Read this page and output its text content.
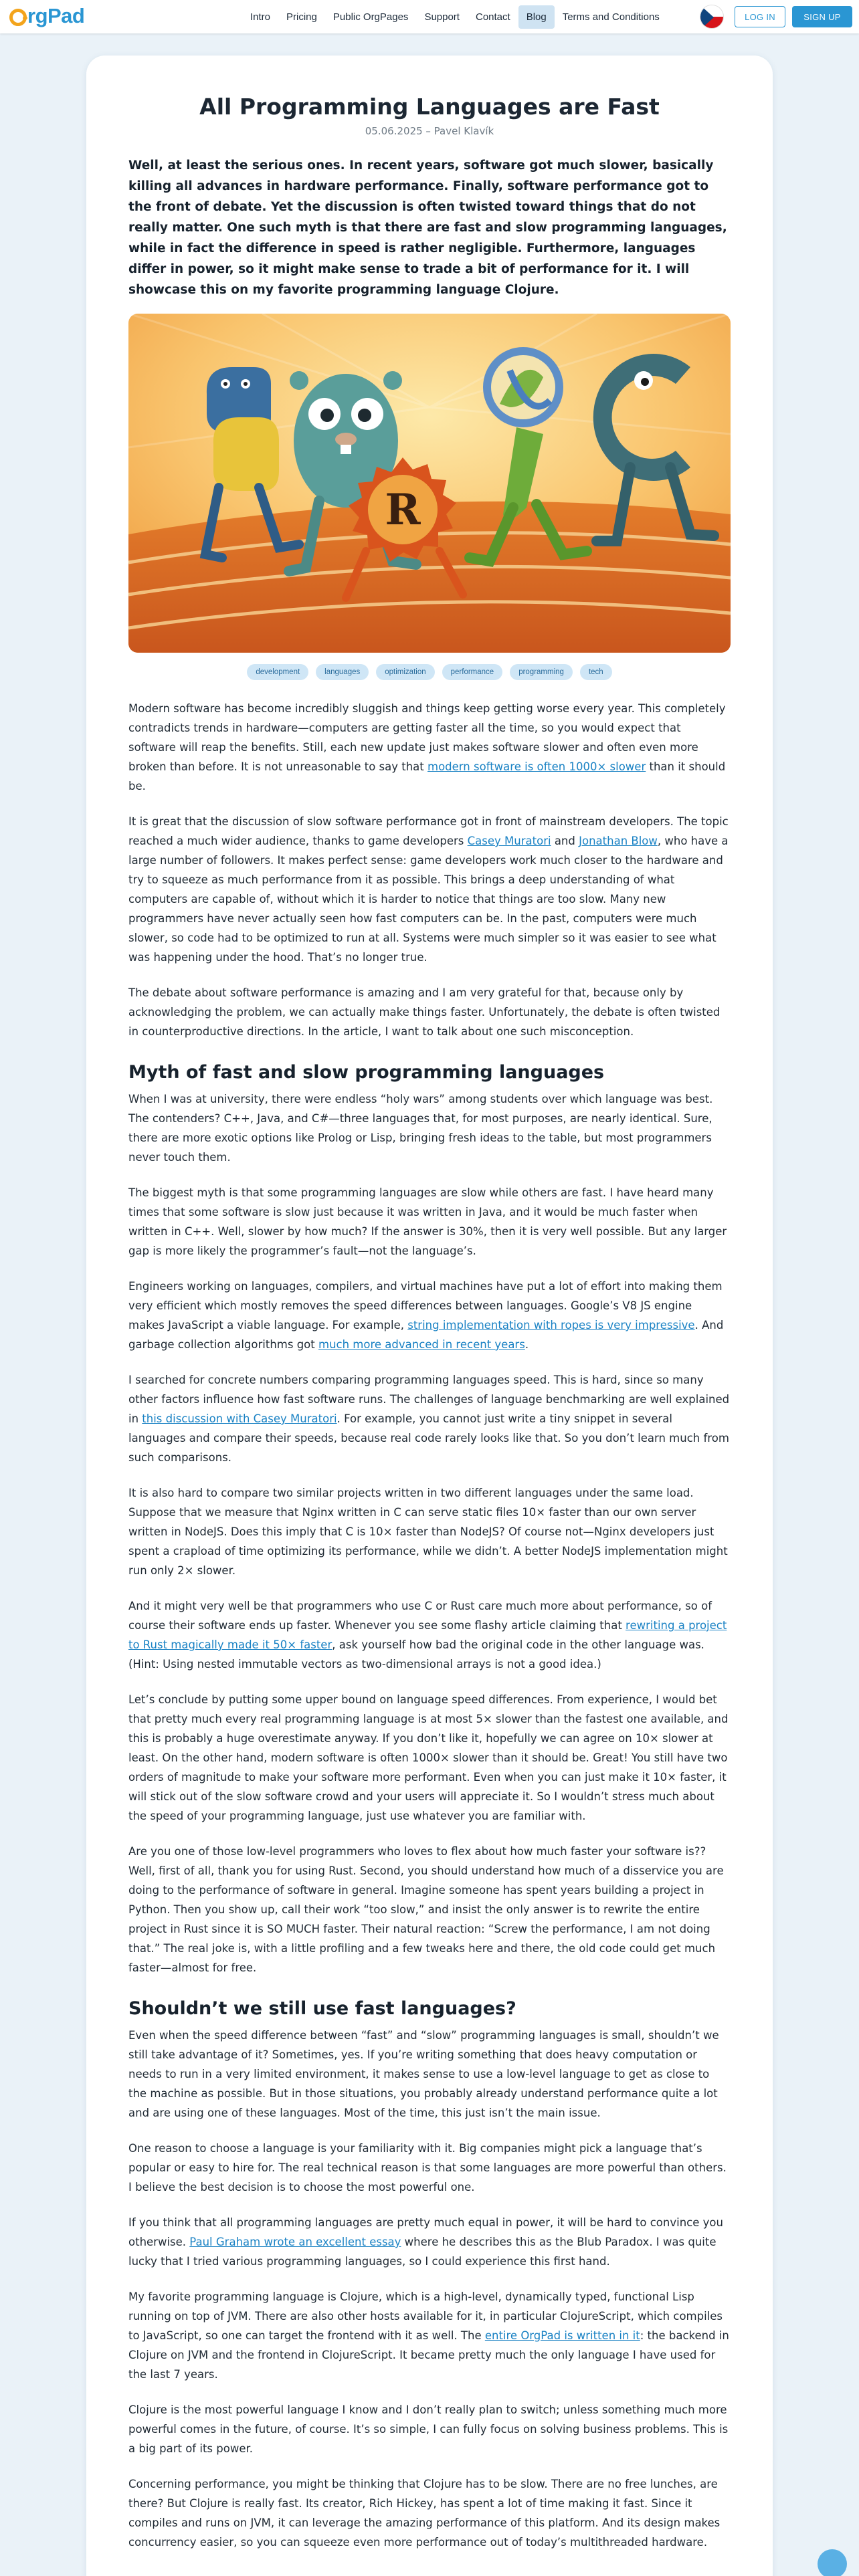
rgPad	Intro	Pricing	Public OrgPages	Support	Contact	Blog	Terms and Conditions	LOG IN	SIGN UP
All Programming Languages are Fast
05.06.2025 – Pavel Klavík
Well, at least the serious ones. In recent years, software got much slower, basically killing all advances in hardware performance. Finally, software performance got to the front of debate. Yet the discussion is often twisted toward things that do not really matter. One such myth is that there are fast and slow programming languages, while in fact the difference in speed is rather negligible. Furthermore, languages differ in power, so it might make sense to trade a bit of performance for it. I will showcase this on my favorite programming language Clojure.
R
development	languages	optimization	performance	programming	tech

Modern software has become incredibly sluggish and things keep getting worse every year. This completely contradicts trends in hardware—computers are getting faster all the time, so you would expect that software will reap the benefits. Still, each new update just makes software slower and often even more broken than before. It is not unreasonable to say that modern software is often 1000× slower than it should be.

It is great that the discussion of slow software performance got in front of mainstream developers. The topic reached a much wider audience, thanks to game developers Casey Muratori and Jonathan Blow, who have a large number of followers. It makes perfect sense: game developers work much closer to the hardware and try to squeeze as much performance from it as possible. This brings a deep understanding of what computers are capable of, without which it is harder to notice that things are too slow. Many new programmers have never actually seen how fast computers can be. In the past, computers were much slower, so code had to be optimized to run at all. Systems were much simpler so it was easier to see what was happening under the hood. That’s no longer true.

The debate about software performance is amazing and I am very grateful for that, because only by acknowledging the problem, we can actually make things faster. Unfortunately, the debate is often twisted in counterproductive directions. In the article, I want to talk about one such misconception.

Myth of fast and slow programming languages

When I was at university, there were endless “holy wars” among students over which language was best. The contenders? C++, Java, and C#—three languages that, for most purposes, are nearly identical. Sure, there are more exotic options like Prolog or Lisp, bringing fresh ideas to the table, but most programmers never touch them.

The biggest myth is that some programming languages are slow while others are fast. I have heard many times that some software is slow just because it was written in Java, and it would be much faster when written in C++. Well, slower by how much? If the answer is 30%, then it is very well possible. But any larger gap is more likely the programmer’s fault—not the language’s.

Engineers working on languages, compilers, and virtual machines have put a lot of effort into making them very efficient which mostly removes the speed differences between languages. Google’s V8 JS engine makes JavaScript a viable language. For example, string implementation with ropes is very impressive. And garbage collection algorithms got much more advanced in recent years.

I searched for concrete numbers comparing programming languages speed. This is hard, since so many other factors influence how fast software runs. The challenges of language benchmarking are well explained in this discussion with Casey Muratori. For example, you cannot just write a tiny snippet in several languages and compare their speeds, because real code rarely looks like that. So you don’t learn much from such comparisons.

It is also hard to compare two similar projects written in two different languages under the same load. Suppose that we measure that Nginx written in C can serve static files 10× faster than our own server written in NodeJS. Does this imply that C is 10× faster than NodeJS? Of course not—Nginx developers just spent a crapload of time optimizing its performance, while we didn’t. A better NodeJS implementation might run only 2× slower.

And it might very well be that programmers who use C or Rust care much more about performance, so of course their software ends up faster. Whenever you see some flashy article claiming that rewriting a project to Rust magically made it 50× faster, ask yourself how bad the original code in the other language was. (Hint: Using nested immutable vectors as two-dimensional arrays is not a good idea.)

Let’s conclude by putting some upper bound on language speed differences. From experience, I would bet that pretty much every real programming language is at most 5× slower than the fastest one available, and this is probably a huge overestimate anyway. If you don’t like it, hopefully we can agree on 10× slower at least. On the other hand, modern software is often 1000× slower than it should be. Great! You still have two orders of magnitude to make your software more performant. Even when you can just make it 10× faster, it will stick out of the slow software crowd and your users will appreciate it. So I wouldn’t stress much about the speed of your programming language, just use whatever you are familiar with.

Are you one of those low-level programmers who loves to flex about how much faster your software is?? Well, first of all, thank you for using Rust. Second, you should understand how much of a disservice you are doing to the performance of software in general. Imagine someone has spent years building a project in Python. Then you show up, call their work “too slow,” and insist the only answer is to rewrite the entire project in Rust since it is SO MUCH faster. Their natural reaction: “Screw the performance, I am not doing that.” The real joke is, with a little profiling and a few tweaks here and there, the old code could get much faster—almost for free.

Shouldn’t we still use fast languages?

Even when the speed difference between “fast” and “slow” programming languages is small, shouldn’t we still take advantage of it? Sometimes, yes. If you’re writing something that does heavy computation or needs to run in a very limited environment, it makes sense to use a low-level language to get as close to the machine as possible. But in those situations, you probably already understand performance quite a lot and are using one of these languages. Most of the time, this just isn’t the main issue.

One reason to choose a language is your familiarity with it. Big companies might pick a language that’s popular or easy to hire for. The real technical reason is that some languages are more powerful than others. I believe the best decision is to choose the most powerful one.

If you think that all programming languages are pretty much equal in power, it will be hard to convince you otherwise. Paul Graham wrote an excellent essay where he describes this as the Blub Paradox. I was quite lucky that I tried various programming languages, so I could experience this first hand.

My favorite programming language is Clojure, which is a high-level, dynamically typed, functional Lisp running on top of JVM. There are also other hosts available for it, in particular ClojureScript, which compiles to JavaScript, so one can target the frontend with it as well. The entire OrgPad is written in it: the backend in Clojure on JVM and the frontend in ClojureScript. It became pretty much the only language I have used for the last 7 years.

Clojure is the most powerful language I know and I don’t really plan to switch; unless something much more powerful comes in the future, of course. It’s so simple, I can fully focus on solving business problems. This is a big part of its power.

Concerning performance, you might be thinking that Clojure has to be slow. There are no free lunches, are there? But Clojure is really fast. Its creator, Rich Hickey, has spent a lot of time making it fast. Since it compiles and runs on JVM, it can leverage the amazing performance of this platform. And its design makes concurrency easier, so you can squeeze even more performance out of today’s multithreaded hardware.
